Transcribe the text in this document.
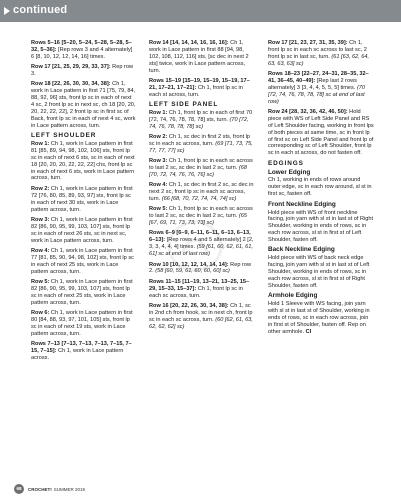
continued

Rows 5–16 [5–20, 5–24, 5–28, 5–28, 5–32, 5–36]: [Rep rows 3 and 4 alternately] 6 [8, 10, 12, 12, 14, 16] times.

Row 17 [21, 25, 29, 29, 33, 37]: Rep row 3.

Row 18 [22, 26, 30, 30, 34, 38]: Ch 1, work in Lace pattern in first 71 [75, 79, 84, 88, 92, 96] sts, front lp sc in each of next 4 sc, 2 front lp sc in next sc, ch 18 [20, 20, 20, 22, 22, 22], 2 front lp sc in first sc of Back, front lp sc in each of next 4 sc, work in Lace pattern across, turn.

LEFT SHOULDER

Row 1: Ch 1, work in Lace pattern in first 81 [85, 89, 94, 98, 102, 106] sts, front lp sc in each of next 6 sts, sc in each of next 18 [20, 20, 20, 22, 22, 22] chs, front lp sc in each of next 6 sts, work in Lace pattern across, turn.

Row 2: Ch 1, work in Lace pattern in first 72 [76, 80, 85, 89, 93, 97] sts, front lp sc in each of next 30 sts, work in Lace pattern across, turn.

Row 3: Ch 1, work in Lace pattern in first 82 [86, 90, 95, 99, 103, 107] sts, front lp sc in each of next 26 sts, sc in next sc, work in Lace pattern across, turn.

Row 4: Ch 1, work in Lace pattern in first 77 [81, 85, 90, 94, 98, 102] sts, front lp sc in each of next 25 sts, work in Lace pattern across, turn.

Row 5: Ch 1, work in Lace pattern in first 82 [86, 90, 95, 99, 103, 107] sts, front lp sc in each of next 25 sts, work in Lace pattern across, turn.

Row 6: Ch 1, work in Lace pattern in first 80 [84, 88, 93, 97, 101, 105] sts, front lp sc in each of next 19 sts, work in Lace pattern across, turn.

Rows 7–13 [7–13, 7–13, 7–13, 7–15, 7–15, 7–15]: Ch 1, work in Lace pattern across.

Row 14 [14, 14, 14, 16, 16, 16]: Ch 1, work in Lace pattern in first 88 [94, 98, 102, 108, 112, 116] sts, [sc dec in next 2 sts] twice, work in Lace pattern across, turn.

Rows 15–19 [15–19, 15–19, 15–19, 17–21, 17–21, 17–21]: Ch 1, front lp sc in each st across, turn.

LEFT SIDE PANEL

Row 1: Ch 1, front lp sc in each of first 70 [72, 74, 76, 78, 78, 78] sts, turn. (70 [72, 74, 76, 78, 78, 78] sc)

Row 2: Ch 1, sc dec in first 2 sts, front lp sc in each sc across, turn. (69 [71, 73, 75, 77, 77, 77] sc)

Row 3: Ch 1, front lp sc in each sc across to last 2 sc, sc dec in last 2 sc, turn. (68 [70, 72, 74, 76, 76, 76] sc)

Row 4: Ch 1, sc dec in first 2 sc, sc dec in next 2 sc, front lp sc in each sc across, turn. (66 [68, 70, 72, 74, 74, 74] sc)

Row 5: Ch 1, front lp sc in each sc across to last 2 sc, sc dec in last 2 sc, turn. (65 [67, 69, 71, 73, 73, 73] sc)

Rows 6–9 [6–9, 6–11, 6–11, 6–13, 6–13, 6–13]: [Rep rows 4 and 5 alternately] 2 [2, 3, 3, 4, 4, 4] times. (59 [61, 60, 62, 61, 61, 61] sc at end of last row)

Row 10 [10, 12, 12, 14, 14, 14]: Rep row 2. (58 [60, 59, 61, 60, 60, 60] sc)

Rows 11–15 [11–19, 13–21, 13–25, 15–29, 15–33, 15–37]: Ch 1, front lp sc in each sc across, turn.

Row 16 [20, 22, 26, 30, 34, 38]: Ch 1, sc in 2nd ch from hook, sc in next ch, front lp sc in each sc across, turn. (60 [62, 61, 63, 62, 62, 62] sc)

Row 17 [21, 23, 27, 31, 35, 39]: Ch 1, front lp sc in each sc across to last sc, 2 front lp sc in last sc, turn. (61 [63, 62, 64, 63, 63, 63] sc)

Rows 18–23 [22–27, 24–31, 28–35, 32–41, 36–45, 40–49]: [Rep last 2 rows alternately] 3 [3, 4, 4, 5, 5, 5] times. (70 [72, 74, 76, 78, 78, 78] sc at end of last row)

Row 24 [28, 32, 36, 42, 46, 50]: Hold piece with WS of Left Side Panel and RS of Left Shoulder facing, working in front lps of both pieces at same time, sc in front lp of first sc on Left Side Panel and front lp of corresponding sc of Left Shoulder, front lp sc in each st across, do not fasten off.

EDGINGS
Lower Edging

Ch 1, working in ends of rows around outer edge, sc in each row around, sl st in first sc, fasten off.

Front Neckline Edging

Hold piece with WS of front neckline facing, join yarn with sl st in last st of Right Shoulder, working in ends of rows, sc in each row across, sl st in first st of Left Shoulder, fasten off.

Back Neckline Edging

Hold piece with WS of back neck edge facing, join yarn with sl st in last st of Left Shoulder, working in ends of rows, sc in each row across, sl st in first st of Right Shoulder, fasten off.

Armhole Edging

Hold 1 Sleeve with WS facing, join yarn with sl st in last st of Shoulder, working in ends of rows, sc in each row across, join in first st of Shoulder, fasten off. Rep on other armhole. CI

68	CROCHET! SUMMER 2019
